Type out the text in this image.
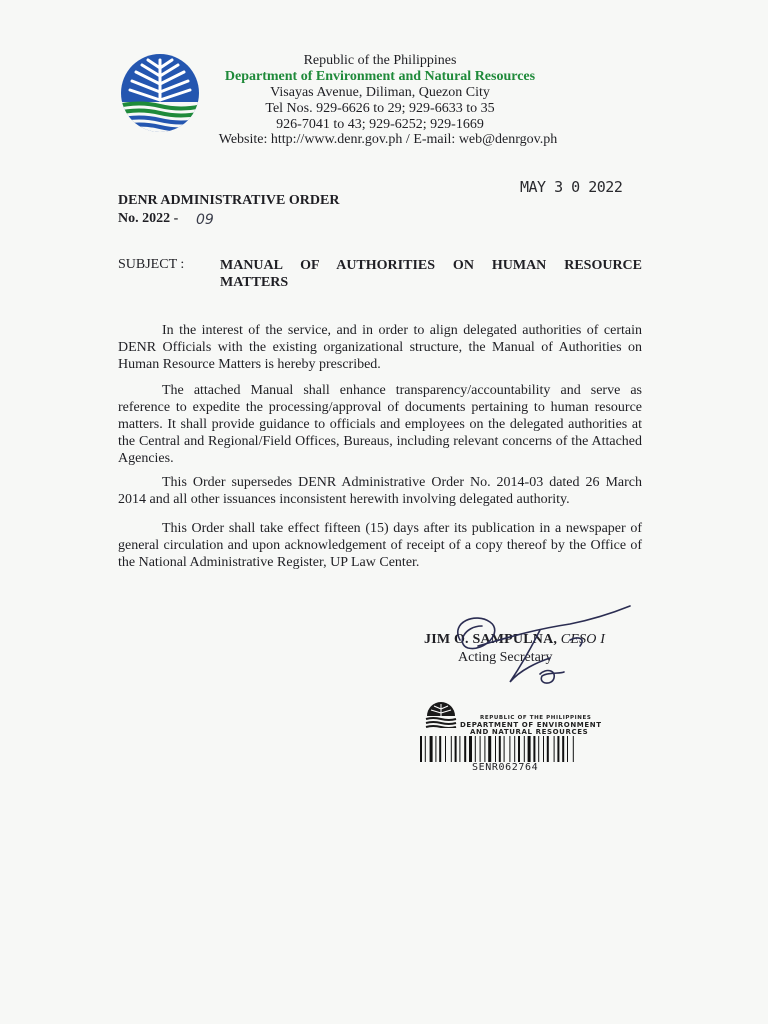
Republic of the Philippines
Department of Environment and Natural Resources
Visayas Avenue, Diliman, Quezon City
Tel Nos. 929-6626 to 29; 929-6633 to 35
926-7041 to 43; 929-6252; 929-1669
Website: http://www.denr.gov.ph / E-mail: web@denrgov.ph
MAY 3 0 2022
DENR ADMINISTRATIVE ORDER
No. 2022 - 09
SUBJECT :	MANUAL OF AUTHORITIES ON HUMAN RESOURCE
MATTERS
In the interest of the service, and in order to align delegated authorities of certain DENR Officials with the existing organizational structure, the Manual of Authorities on Human Resource Matters is hereby prescribed.
The attached Manual shall enhance transparency/accountability and serve as reference to expedite the processing/approval of documents pertaining to human resource matters. It shall provide guidance to officials and employees on the delegated authorities at the Central and Regional/Field Offices, Bureaus, including relevant concerns of the Attached Agencies.
This Order supersedes DENR Administrative Order No. 2014-03 dated 26 March 2014 and all other issuances inconsistent herewith involving delegated authority.
This Order shall take effect fifteen (15) days after its publication in a newspaper of general circulation and upon acknowledgement of receipt of a copy thereof by the Office of the National Administrative Register, UP Law Center.
JIM O. SAMPULNA, CESO I
Acting Secretary
REPUBLIC OF THE PHILIPPINES
DEPARTMENT OF ENVIRONMENT
AND NATURAL RESOURCES
SENR062764
